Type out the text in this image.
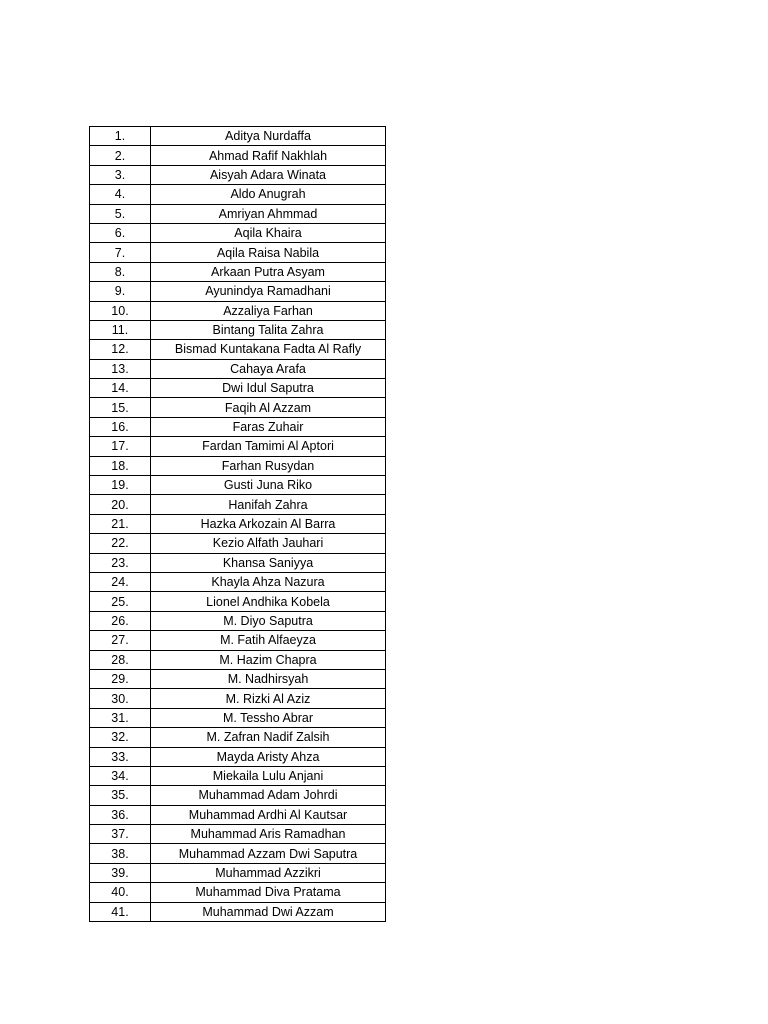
1.	Aditya Nurdaffa
2.	Ahmad Rafif Nakhlah
3.	Aisyah Adara Winata
4.	Aldo Anugrah
5.	Amriyan Ahmmad
6.	Aqila Khaira
7.	Aqila Raisa Nabila
8.	Arkaan Putra Asyam
9.	Ayunindya Ramadhani
10.	Azzaliya Farhan
11.	Bintang Talita Zahra
12.	Bismad Kuntakana Fadta Al Rafly
13.	Cahaya Arafa
14.	Dwi Idul Saputra
15.	Faqih Al Azzam
16.	Faras Zuhair
17.	Fardan Tamimi Al Aptori
18.	Farhan Rusydan
19.	Gusti Juna Riko
20.	Hanifah Zahra
21.	Hazka Arkozain Al Barra
22.	Kezio Alfath Jauhari
23.	Khansa Saniyya
24.	Khayla Ahza Nazura
25.	Lionel Andhika Kobela
26.	M. Diyo Saputra
27.	M. Fatih Alfaeyza
28.	M. Hazim Chapra
29.	M. Nadhirsyah
30.	M. Rizki Al Aziz
31.	M. Tessho Abrar
32.	M. Zafran Nadif Zalsih
33.	Mayda Aristy Ahza
34.	Miekaila Lulu Anjani
35.	Muhammad Adam Johrdi
36.	Muhammad Ardhi Al Kautsar
37.	Muhammad Aris Ramadhan
38.	Muhammad Azzam Dwi Saputra
39.	Muhammad Azzikri
40.	Muhammad Diva Pratama
41.	Muhammad Dwi Azzam
